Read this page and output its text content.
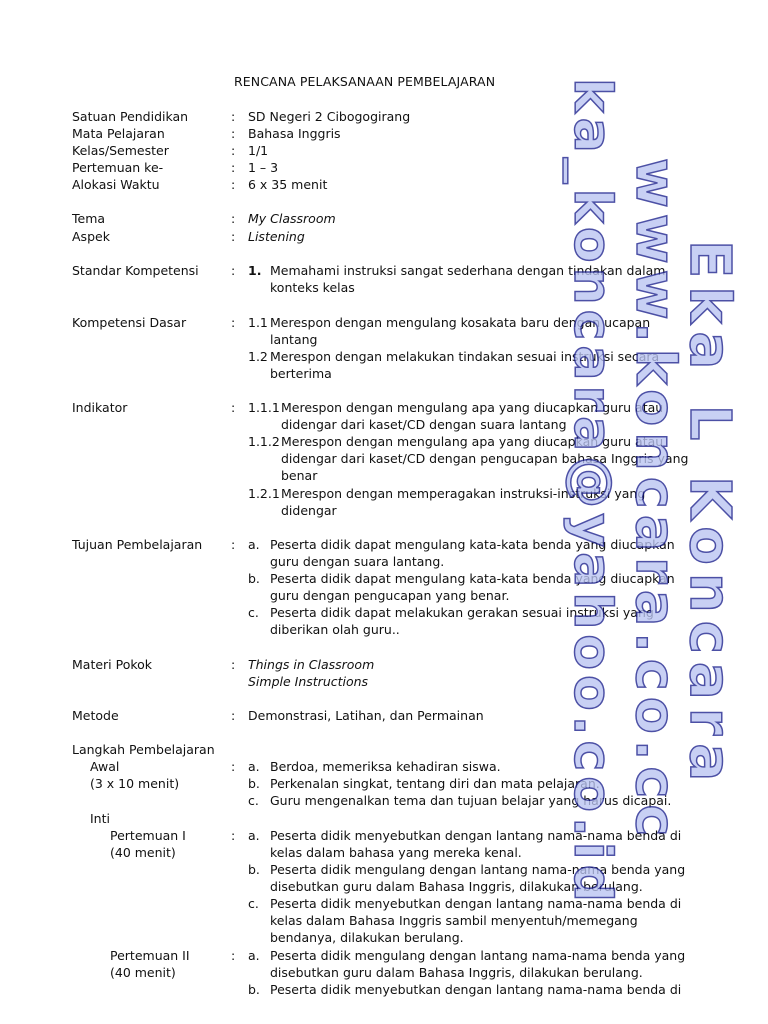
RENCANA PELAKSANAAN PEMBELAJARAN
Satuan Pendidikan	: SD Negeri 2 Cibogogirang
Mata Pelajaran	: Bahasa Inggris
Kelas/Semester	: 1/1
Pertemuan ke-	: 1 – 3
Alokasi Waktu	: 6 x 35 menit
Tema	: My Classroom
Aspek	: Listening
Standar Kompetensi	: 1. Memahami instruksi sangat sederhana dengan tindakan dalam
konteks kelas
Kompetensi Dasar	: 1.1 Merespon dengan mengulang kosakata baru dengan ucapan
lantang
1.2 Merespon dengan melakukan tindakan sesuai instruksi secara
berterima
Indikator	: 1.1.1 Merespon dengan mengulang apa yang diucapkan guru atau
didengar dari kaset/CD dengan suara lantang
1.1.2 Merespon dengan mengulang apa yang diucapkan guru atau
didengar dari kaset/CD dengan pengucapan bahasa Inggris yang
benar
1.2.1 Merespon dengan memperagakan instruksi-instruksi yang
didengar
Tujuan Pembelajaran : a. Peserta didik dapat mengulang kata-kata benda yang diucapkan
guru dengan suara lantang.
b. Peserta didik dapat mengulang kata-kata benda yang diucapkan
guru dengan pengucapan yang benar.
c. Peserta didik dapat melakukan gerakan sesuai instruksi yang
diberikan olah guru..
Materi Pokok	: Things in Classroom
Simple Instructions
Metode	: Demonstrasi, Latihan, dan Permainan
Langkah Pembelajaran
Awal
(3 x 10 menit)
: a. Berdoa, memeriksa kehadiran siswa.
b. Perkenalan singkat, tentang diri dan mata pelajaran.
c. Guru mengenalkan tema dan tujuan belajar yang harus dicapai.
Inti
Pertemuan I
(40 menit)
: a. Peserta didik menyebutkan dengan lantang nama-nama benda di
kelas dalam bahasa yang mereka kenal.
b. Peserta didik mengulang dengan lantang nama-nama benda yang
disebutkan guru dalam Bahasa Inggris, dilakukan berulang.
c. Peserta didik menyebutkan dengan lantang nama-nama benda di
kelas dalam Bahasa Inggris sambil menyentuh/memegang
bendanya, dilakukan berulang.
Pertemuan II
(40 menit)
: a. Peserta didik mengulang dengan lantang nama-nama benda yang
disebutkan guru dalam Bahasa Inggris, dilakukan berulang.
b. Peserta didik menyebutkan dengan lantang nama-nama benda di
ka_koncara@yahoo.co.id www.koncara.co.cc
Eka L Koncara
